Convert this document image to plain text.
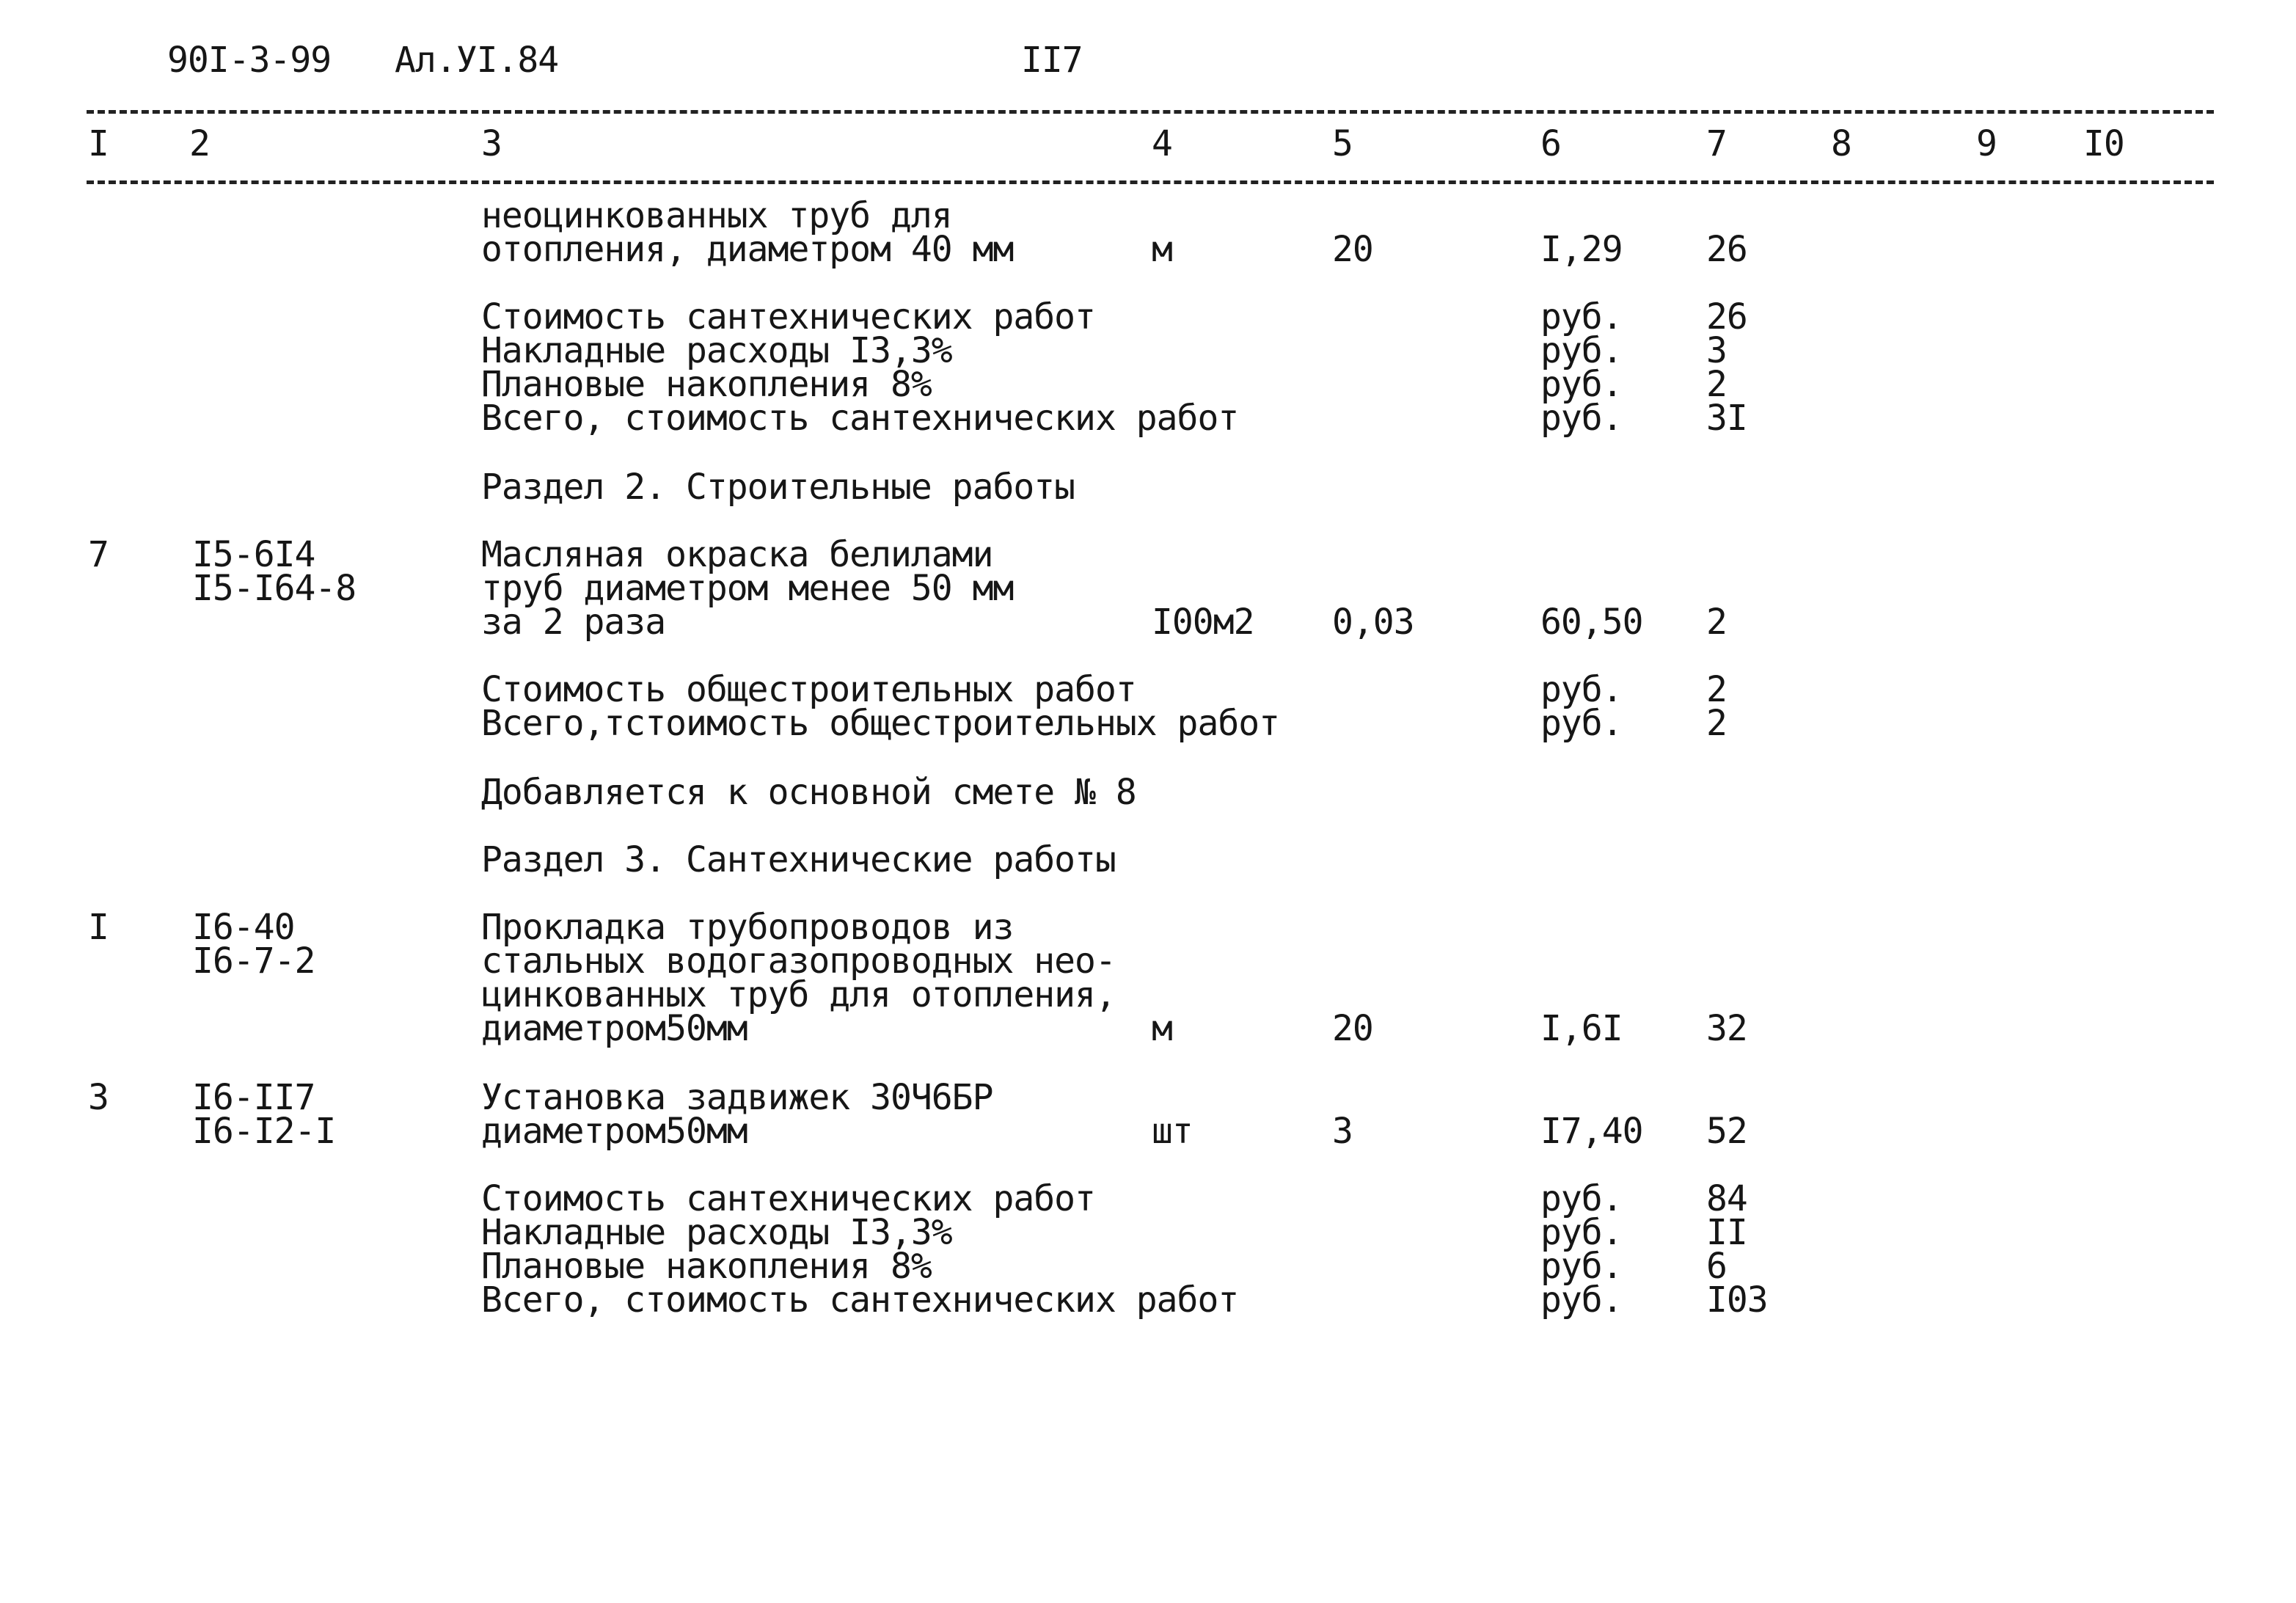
90I-3-99 Ал.УI.84	II7
I 2	3	4	5	6	7	8	9 I0
неоцинкованных труб для
отопления, диаметром 40 мм	м	20	I,29 26
Стоимость сантехнических работ	руб. 26
Накладные расходы I3,3%	руб. 3
Плановые накопления 8%	руб. 2
Всего, стоимость сантехнических работ	руб. 3I
Раздел 2. Строительные работы
7 I5-6I4
I5-I64-8
Масляная окраска белилами
труб диаметром менее 50 мм
за 2 раза	I00м2 0,03	60,50 2
Стоимость общестроительных работ	руб. 2
Всего,тстоимость общестроительных работ	руб. 2
Добавляется к основной смете № 8
Раздел 3. Сантехнические работы
I I6-40
I6-7-2
Прокладка трубопроводов из
стальных водогазопроводных нео-
цинкованных труб для отопления,
диаметром50мм	м	20	I,6I 32
3 I6-II7
I6-I2-I
Установка задвижек 30Ч6БР
диаметром50мм	шт	3	I7,40 52
Стоимость сантехнических работ	руб. 84
Накладные расходы I3,3%	руб. II
Плановые накопления 8%	руб. 6
Всего, стоимость сантехнических работ	руб. I03
